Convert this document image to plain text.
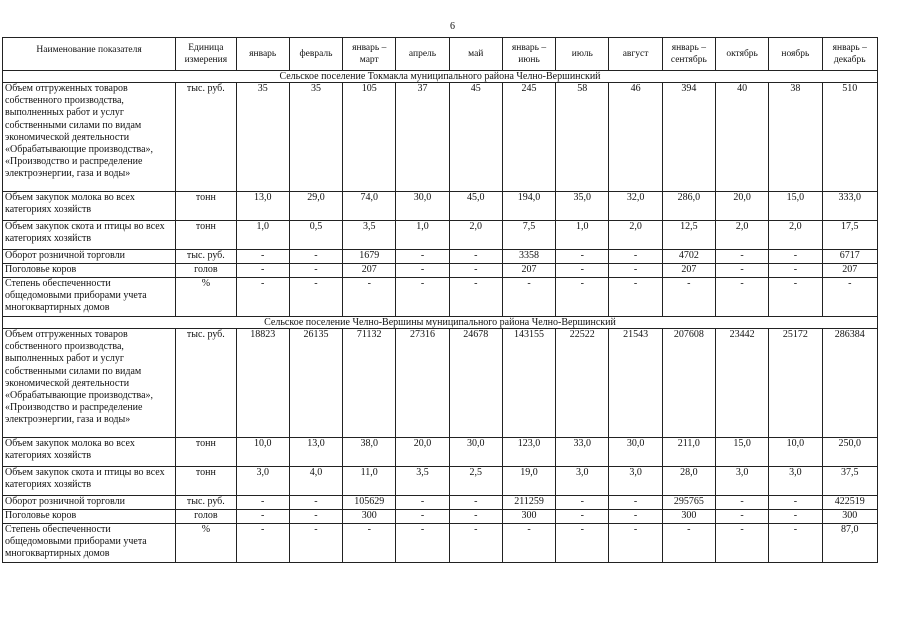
6
Наименование показателя	Единица измерения	январь	февраль	январь – март	апрель	май	январь – июнь	июль	август	январь – сентябрь	октябрь	ноябрь	январь – декабрь
Сельское поселение Токмакла муниципального района Челно-Вершинский													
Объем отгруженных товаров собственного производства, выполненных работ и услуг собственными силами по видам экономической деятельности «Обрабатывающие производства», «Производство и распределение электроэнергии, газа и воды»	тыс. руб.	35	35	105	37	45	245	58	46	394	40	38	510
Объем закупок молока во всех категориях хозяйств	тонн	13,0	29,0	74,0	30,0	45,0	194,0	35,0	32,0	286,0	20,0	15,0	333,0
Объем закупок скота и птицы во всех категориях хозяйств	тонн	1,0	0,5	3,5	1,0	2,0	7,5	1,0	2,0	12,5	2,0	2,0	17,5
Оборот розничной торговли	тыс. руб.	-	-	1679	-	-	3358	-	-	4702	-	-	6717
Поголовье коров	голов	-	-	207	-	-	207	-	-	207	-	-	207
Степень обеспеченности общедомовыми приборами учета многоквартирных домов	%	-	-	-	-	-	-	-	-	-	-	-	-
Сельское поселение Челно-Вершины муниципального района Челно-Вершинский													
Объем отгруженных товаров собственного производства, выполненных работ и услуг собственными силами по видам экономической деятельности «Обрабатывающие производства», «Производство и распределение электроэнергии, газа и воды»	тыс. руб.	18823	26135	71132	27316	24678	143155	22522	21543	207608	23442	25172	286384
Объем закупок молока во всех категориях хозяйств	тонн	10,0	13,0	38,0	20,0	30,0	123,0	33,0	30,0	211,0	15,0	10,0	250,0
Объем закупок скота и птицы во всех категориях хозяйств	тонн	3,0	4,0	11,0	3,5	2,5	19,0	3,0	3,0	28,0	3,0	3,0	37,5
Оборот розничной торговли	тыс. руб.	-	-	105629	-	-	211259	-	-	295765	-	-	422519
Поголовье коров	голов	-	-	300	-	-	300	-	-	300	-	-	300
Степень обеспеченности общедомовыми приборами учета многоквартирных домов	%	-	-	-	-	-	-	-	-	-	-	-	87,0
